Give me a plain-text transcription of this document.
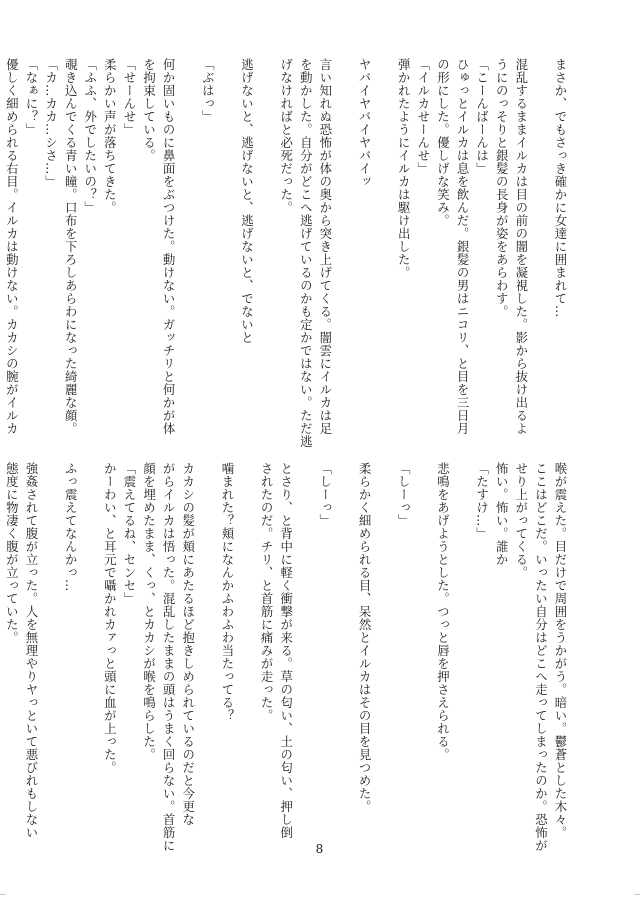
まさか、でもさっき確かに女達に囲まれて…

混乱するままイルカは目の前の闇を凝視した。影から抜け出るよ
うにのっそりと銀髪の長身が姿をあらわす。
「こーんばーんは」
ひゅっとイルカは息を飲んだ。銀髪の男はニコリ、と目を三日月
の形にした。優しげな笑み。
「イルカせーんせ」
弾かれたようにイルカは駆け出した。

ヤバイヤバイヤバイッ

言い知れぬ恐怖が体の奥から突き上げてくる。闇雲にイルカは足
を動かした。自分がどこへ逃げているのかも定かではない。ただ逃
げなければと必死だった。

逃げないと、逃げないと、逃げないと、でないと

「ぶはっ」

何か固いものに鼻面をぶつけた。動けない。ガッチリと何かが体
を拘束している。
「せーんせ」
柔らかい声が落ちてきた。
「ふふ、外でしたいの？」
覗き込んでくる青い瞳。口布を下ろしあらわになった綺麗な顔。
「カ…カカ…シさ…」
「なぁに？」
優しく細められる右目。イルカは動けない。カカシの腕がイルカ
喉が震えた。目だけで周囲をうかがう。暗い。鬱蒼とした木々。
ここはどこだ。いったい自分はどこへ走ってしまったのか。恐怖が
せり上がってくる。
怖い。怖い。誰か
「たすけ…」

悲鳴をあげようとした。つっと唇を押さえられる。

「しーっ」

柔らかく細められる目、呆然とイルカはその目を見つめた。

「しーっ」

とさり、と背中に軽く衝撃が来る。草の匂い、土の匂い、押し倒
されたのだ。チリ、と首筋に痛みが走った。

噛まれた？頬になんかふわふわ当たってる？

カカシの髪が頬にあたるほど抱きしめられているのだと今更な
がらイルカは悟った。混乱したままの頭はうまく回らない。首筋に
顔を埋めたまま、くっ、とカカシが喉を鳴らした。
「震えてるね、センセ」
かーわい、と耳元で囁かれカァっと頭に血が上った。

ふっ震えてなんかっ…

強姦されて腹が立った。人を無理やりヤっといて悪びれもしない
態度に物凄く腹が立っていた。
8
